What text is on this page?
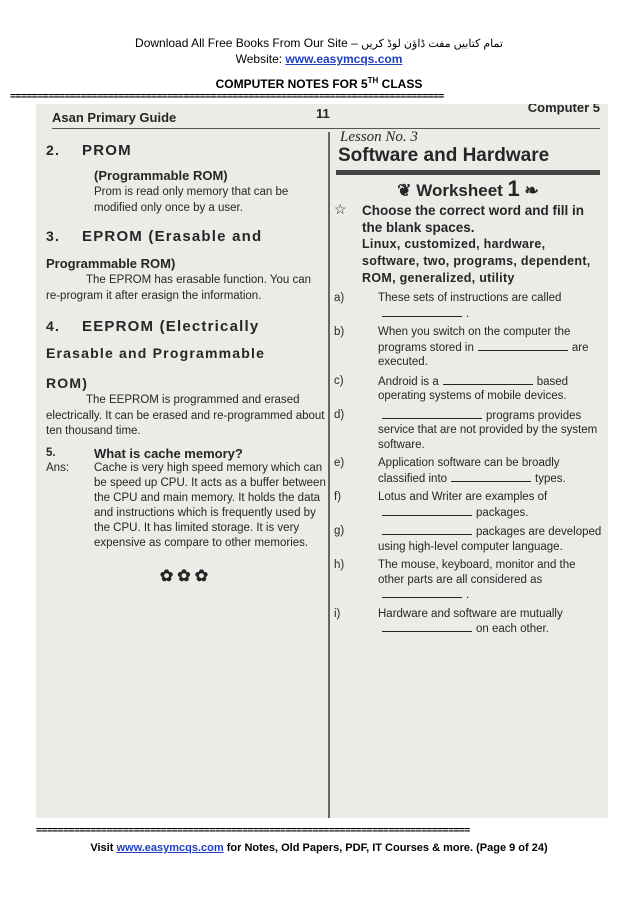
Download All Free Books From Our Site – تمام کتابیں مفت ڈاؤن لوڈ کریں
Website: www.easymcqs.com
COMPUTER NOTES FOR 5TH CLASS
================================================================================
Asan Primary Guide	11	Computer 5
2. PROM
(Programmable ROM)
Prom is read only memory that can be modified only once by a user.
3. EPROM (Erasable and
Programmable ROM)
The EPROM has erasable function. You can re-program it after erasign the information.
4. EEPROM (Electrically
Erasable and Programmable
ROM)
The EEPROM is programmed and erased electrically. It can be erased and re-programmed about ten thousand time.
5.	What is cache memory?
Ans:	Cache is very high speed memory which can be speed up CPU. It acts as a buffer between the CPU and main memory. It holds the data and instructions which is frequently used by the CPU. It has limited storage. It is very expensive as compare to other memories.
✿✿✿
Lesson No. 3
Software and Hardware
❦ Worksheet 1 ❧
☆	Choose the correct word and fill in the blank spaces.
Linux, customized, hardware, software, two, programs, dependent, ROM, generalized, utility
a)	These sets of instructions are called.
b)	When you switch on the computer the programs stored in	are executed.
c)	Android is a	based operating systems of mobile devices.
d)	programs provides service that are not provided by the system software.
e)	Application software can be broadly classified into	types.
f)	Lotus and Writer are examples ofpackages.
g)	packages are developed using high-level computer language.
h)	The mouse, keyboard, monitor and the other parts are all considered as.
i)	Hardware and software are mutuallyon each other.
================================================================================
Visit www.easymcqs.com for Notes, Old Papers, PDF, IT Courses & more. (Page 9 of 24)
